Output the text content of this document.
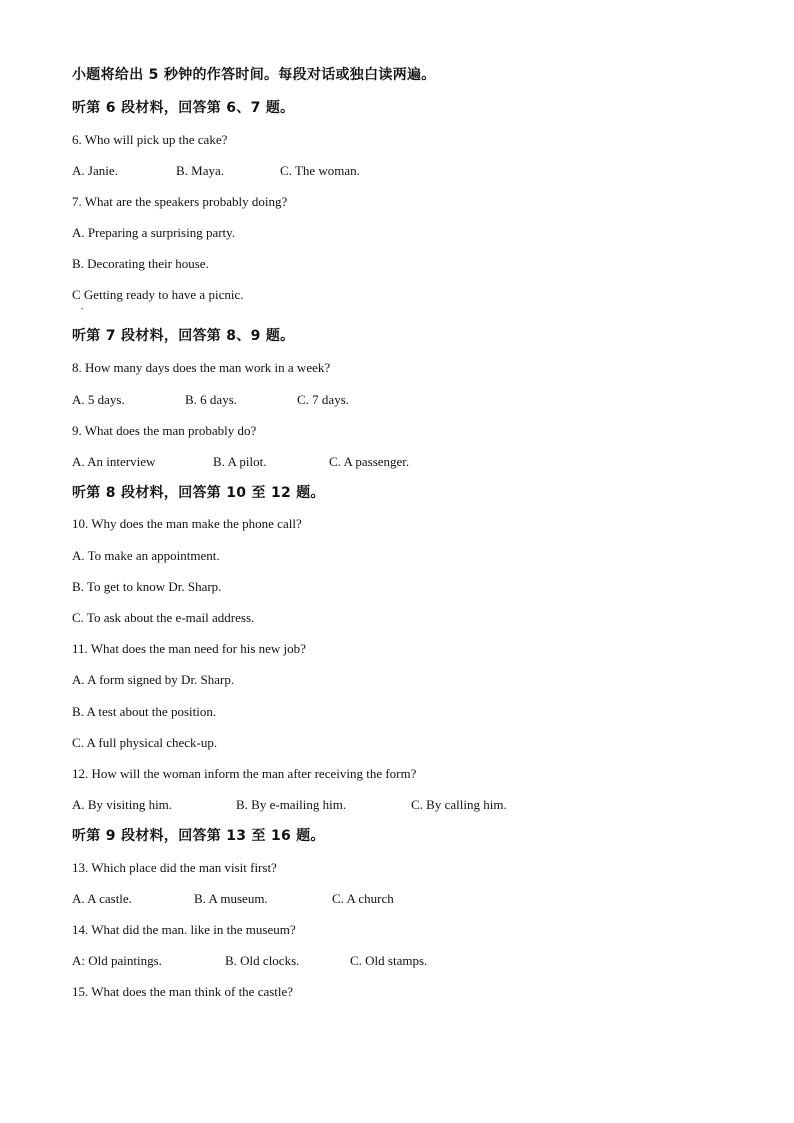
小题将给出 5 秒钟的作答时间。每段对话或独白读两遍。
听第 6 段材料，回答第 6、7 题。
6. Who will pick up the cake?
A. Janie.	B. Maya.	C. The woman.
7. What are the speakers probably doing?
A. Preparing a surprising party.
B. Decorating their house.
C Getting ready to have a picnic.
•
听第 7 段材料，回答第 8、9 题。
8. How many days does the man work in a week?
A. 5 days.	B. 6 days.	C. 7 days.
9. What does the man probably do?
A. An interview	B. A pilot.	C. A passenger.
听第 8 段材料，回答第 10 至 12 题。
10. Why does the man make the phone call?
A. To make an appointment.
B. To get to know Dr. Sharp.
C. To ask about the e-mail address.
11. What does the man need for his new job?
A. A form signed by Dr. Sharp.
B. A test about the position.
C. A full physical check-up.
12. How will the woman inform the man after receiving the form?
A. By visiting him.	B. By e-mailing him.	C. By calling him.
听第 9 段材料，回答第 13 至 16 题。
13. Which place did the man visit first?
A. A castle.	B. A museum.	C. A church
14. What did the man. like in the museum?
A: Old paintings.	B. Old clocks.	C. Old stamps.
15. What does the man think of the castle?
